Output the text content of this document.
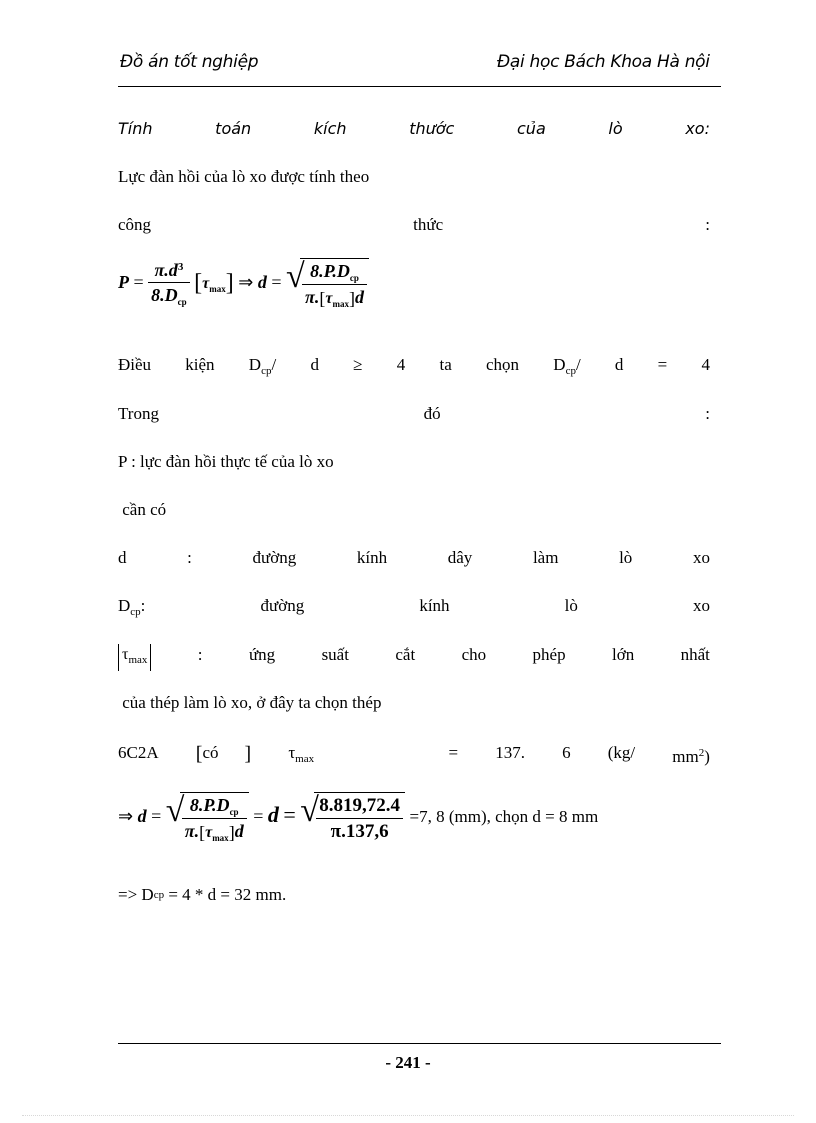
Đồ án tốt nghiệp	Đại học Bách Khoa Hà nội
Tính	toán	kích	thước	của	lò	xo:
Lực đàn hồi của lò xo được tính theo
công	thức	:
$P = \frac{\pi.d^3}{8.D_{cp}} [\tau_{max}]$ ⇒ d = √
$\frac{8.P.D_{cp}}{\pi.[\tau_{max}]d}$
Điều kiện $D_{cp}/$ d ≥ 4 ta chọn $D_{cp}/$ d = 4
Trong	đó	:
P : lực đàn hồi thực tế của lò xo
cần có
d	:	đường	kính	dây	làm	lò	xo
$D_{cp}$:	đường	kính	lò	xo
$\tau_{max}$	:	ứng	suất	cắt	cho	phép	lớn	nhất
của thép làm lò xo, ở đây ta chọn thép
6C2A [có ] $\tau_{max}$	= 137. 6 (kg/ $mm^2$)
⇒ d = √
$\frac{8.P.D_{cp}}{\pi.[\tau_{max}]d} = d$ = √
$\frac{8.819,72.4}{\pi.137,6} =7$, 8 (mm), chọn d = 8 mm
=> D cp = 4 * d = 32 mm.
- 241 -
